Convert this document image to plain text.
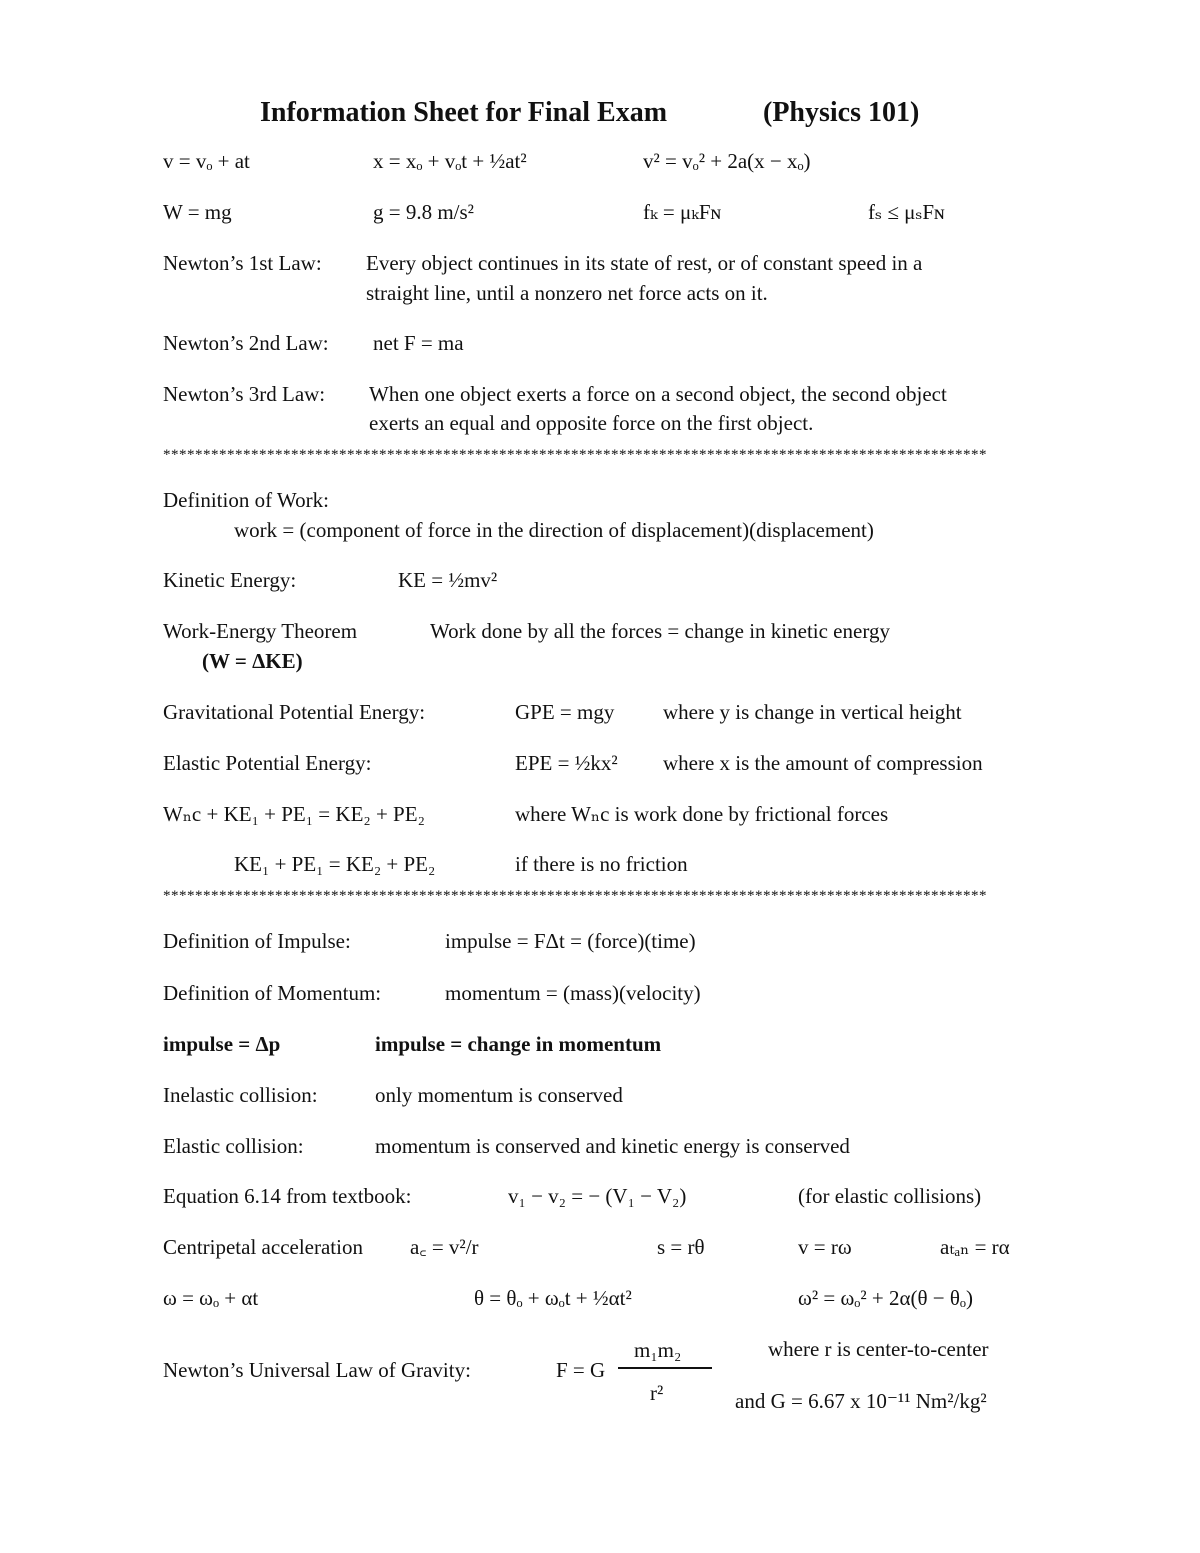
Information Sheet for Final Exam	(Physics 101)
v = vₒ + at	x = xₒ + vₒt + ½at²	v² = vₒ² + 2a(x − xₒ)
W = mg	g = 9.8 m/s²	fₖ = μₖFɴ	fₛ ≤ μₛFɴ
Newton’s 1st Law: Every object continues in its state of rest, or of constant speed in a
straight line, until a nonzero net force acts on it.
Newton’s 2nd Law: net F = ma
Newton’s 3rd Law: When one object exerts a force on a second object, the second object
exerts an equal and opposite force on the first object.
*******************************************************************************************************
Definition of Work:
work = (component of force in the direction of displacement)(displacement)
Kinetic Energy:	KE = ½mv²
Work-Energy Theorem	Work done by all the forces = change in kinetic energy
(W = ΔKE)
Gravitational Potential Energy:	GPE = mgy where y is change in vertical height
Elastic Potential Energy:	EPE = ½kx² where x is the amount of compression
Wₙc + KE₁ + PE₁ = KE₂ + PE₂	where Wₙc is work done by frictional forces
KE₁ + PE₁ = KE₂ + PE₂	if there is no friction
*******************************************************************************************************
Definition of Impulse:	impulse = FΔt = (force)(time)
Definition of Momentum:	momentum = (mass)(velocity)
impulse = Δp	impulse = change in momentum
Inelastic collision:	only momentum is conserved
Elastic collision:	momentum is conserved and kinetic energy is conserved
Equation 6.14 from textbook:	v₁ − v₂ = − (V₁ − V₂)	(for elastic collisions)
Centripetal acceleration a꜀ = v²/r	s = rθ	v = rω	aₜₐₙ = rα
ω = ωₒ + αt	θ = θₒ + ωₒt + ½αt²	ω² = ωₒ² + 2α(θ − θₒ)
Newton’s Universal Law of Gravity:	F = G
m₁m₂
r²
where r is center-to-center
and G = 6.67 x 10⁻¹¹ Nm²/kg²
